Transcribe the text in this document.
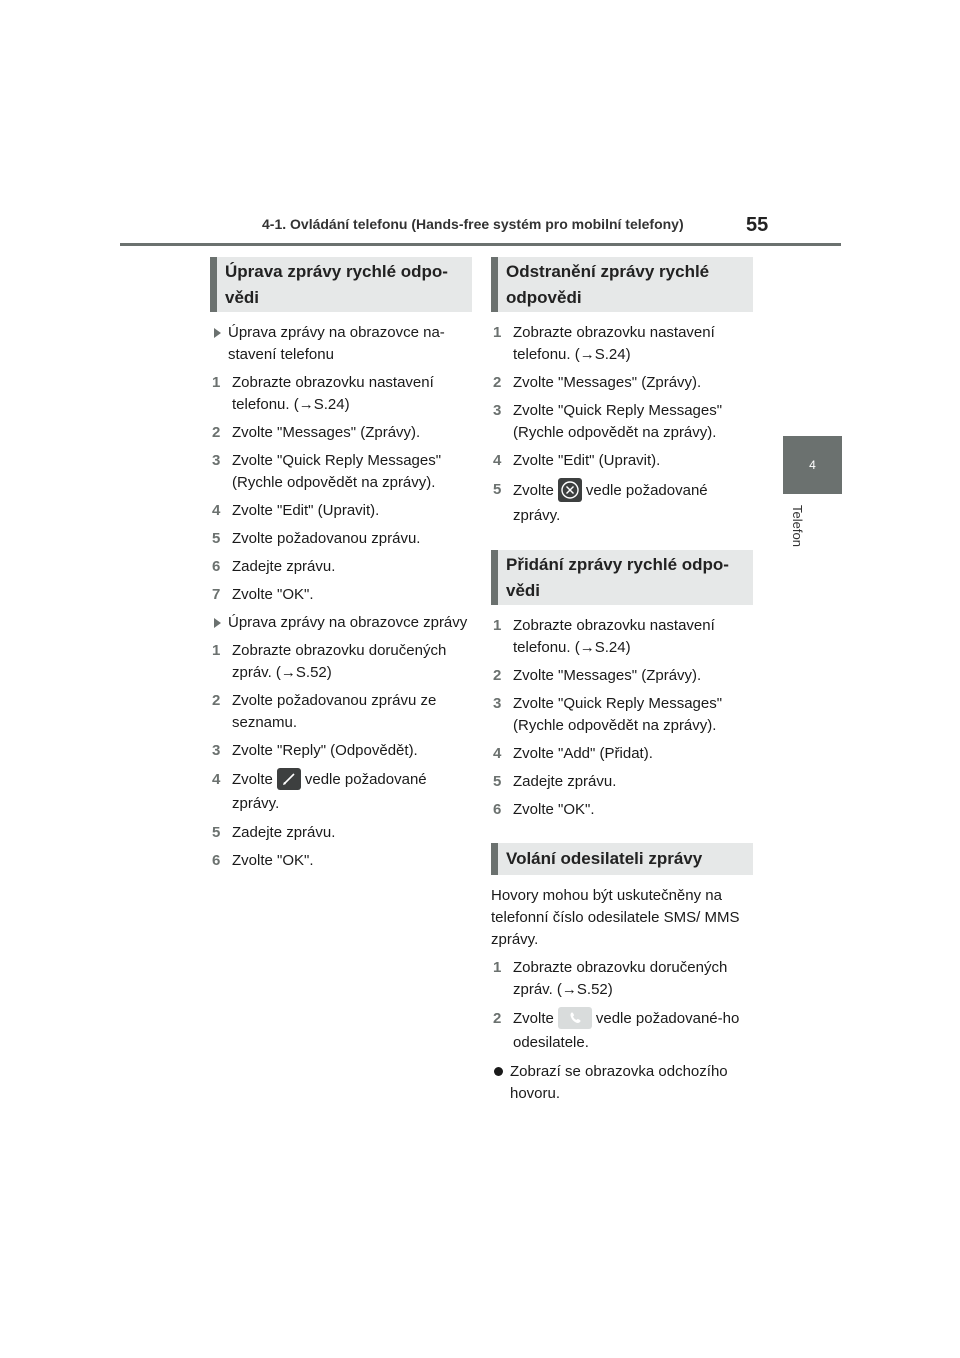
4-1. Ovládání telefonu (Hands-free systém pro mobilní telefony)	55
4
Telefon
Úprava zprávy rychlé odpo-vědi
Úprava zprávy na obrazovce na-stavení telefonu
1 Zobrazte obrazovku nastavení telefonu. (→S.24)
2 Zvolte "Messages" (Zprávy).
3 Zvolte "Quick Reply Messages" (Rychle odpovědět na zprávy).
4 Zvolte "Edit" (Upravit).
5 Zvolte požadovanou zprávu.
6 Zadejte zprávu.
7 Zvolte "OK".
Úprava zprávy na obrazovce zprávy
1 Zobrazte obrazovku doručených zpráv. (→S.52)
2 Zvolte požadovanou zprávu ze seznamu.
3 Zvolte "Reply" (Odpovědět).
4 Zvolte vedle požadované zprávy.
5 Zadejte zprávu.
6 Zvolte "OK".
Odstranění zprávy rychlé odpovědi
1 Zobrazte obrazovku nastavení telefonu. (→S.24)
2 Zvolte "Messages" (Zprávy).
3 Zvolte "Quick Reply Messages" (Rychle odpovědět na zprávy).
4 Zvolte "Edit" (Upravit).
5 Zvolte vedle požadované zprávy.
Přidání zprávy rychlé odpo-vědi
1 Zobrazte obrazovku nastavení telefonu. (→S.24)
2 Zvolte "Messages" (Zprávy).
3 Zvolte "Quick Reply Messages" (Rychle odpovědět na zprávy).
4 Zvolte "Add" (Přidat).
5 Zadejte zprávu.
6 Zvolte "OK".
Volání odesilateli zprávy
Hovory mohou být uskutečněny na telefonní číslo odesilatele SMS/ MMS zprávy.
1 Zobrazte obrazovku doručených zpráv. (→S.52)
2 Zvolte	vedle požadované-ho odesilatele.
Zobrazí se obrazovka odchozího hovoru.
